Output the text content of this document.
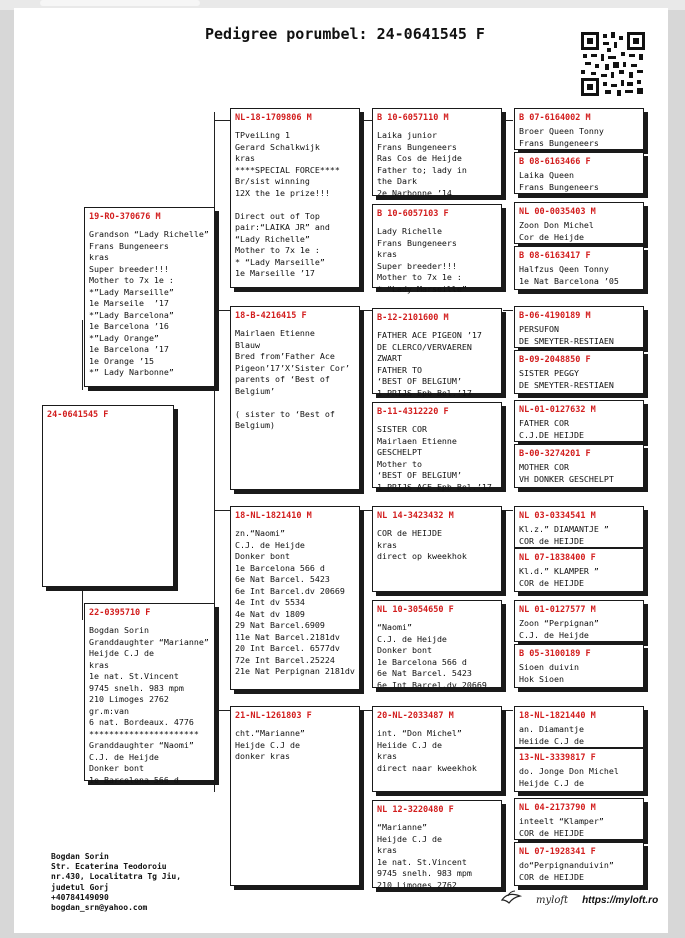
Pedigree porumbel: 24-0641545 F
24-0641545 F
19-RO-370676 M
Grandson “Lady Richelle”
Frans Bungeneers
kras
Super breeder!!!
Mother to 7x 1e :
*”Lady Marseille”
1e Marseile  ’17
*”Lady Barcelona”
1e Barcelona ’16
*”Lady Orange”
1e Barcelona ’17
1e Orange ’15
*” Lady Narbonne”
22-0395710 F
Bogdan Sorin
Granddaughter “Marianne”
Heijde C.J de
kras
1e nat. St.Vincent
9745 snelh. 983 mpm
210 Limoges 2762
gr.m:van
6 nat. Bordeaux. 4776
**********************
Granddaughter “Naomi”
C.J. de Heijde
Donker bont
1e Barcelona 566 d
NL-18-1709806 M
TPveiLing 1
Gerard Schalkwijk
kras
****SPECIAL FORCE****
Br/sist winning
12X the 1e prize!!!

Direct out of Top
pair:“LAIKA JR” and
“Lady Richelle”
Mother to 7x 1e :
* “Lady Marseille”
1e Marseille ’17
18-B-4216415 F
Mairlaen Etienne
Blauw
Bred from’Father Ace
Pigeon’17’X’Sister Cor’
parents of ‘Best of
Belgium’

( sister to ‘Best of
Belgium)
18-NL-1821410 M
zn.“Naomi”
C.J. de Heijde
Donker bont
1e Barcelona 566 d
6e Nat Barcel. 5423
6e Int Barcel.dv 20669
4e Int dv 5534
4e Nat dv 1809
29 Nat Barcel.6909
11e Nat Barcel.2181dv
20 Int Barcel. 6577dv
72e Int Barcel.25224
21e Nat Perpignan 2181dv
21-NL-1261803 F
cht.“Marianne”
Heijde C.J de
donker kras
B 10-6057110 M
Laika junior
Frans Bungeneers
Ras Cos de Heijde
Father to; lady in
the Dark
2e Narbonne ’14
B 10-6057103 F
Lady Richelle
Frans Bungeneers
kras
Super breeder!!!
Mother to 7x 1e :
* “Lady Marseille”
B-12-2101600 M
FATHER ACE PIGEON ’17
DE CLERCO/VERVAEREN
ZWART
FATHER TO
‘BEST OF BELGIUM’
1 PRIJS Epb Bel.’17
B-11-4312220 F
SISTER COR
Mairlaen Etienne
GESCHELPT
Mother to
‘BEST OF BELGIUM’
1 PRIJS ACE Epb Bel.’17
NL 14-3423432 M
COR de HEIJDE
kras
direct op kweekhok
NL 10-3054650 F
“Naomi”
C.J. de Heijde
Donker bont
1e Barcelona 566 d
6e Nat Barcel. 5423
6e Int Barcel.dv 20669
20-NL-2033487 M
int. “Don Michel”
Heiide C.J de
kras
direct naar kweekhok
NL 12-3220480 F
“Marianne”
Heijde C.J de
kras
1e nat. St.Vincent
9745 snelh. 983 mpm
210 Limoges 2762
B 07-6164002 M
Broer Queen Tonny
Frans Bungeneers
B 08-6163466 F
Laika Queen
Frans Bungeneers
NL 00-0035403 M
Zoon Don Michel
Cor de Heijde
B 08-6163417 F
Halfzus Qeen Tonny
1e Nat Barcelona ’05
B-06-4190189 M
PERSUFON
DE SMEYTER-RESTIAEN
B-09-2048850 F
SISTER PEGGY
DE SMEYTER-RESTIAEN
NL-01-0127632 M
FATHER COR
C.J.DE HEIJDE
B-00-3274201 F
MOTHER COR
VH DONKER GESCHELPT
NL 03-0334541 M
Kl.z.” DIAMANTJE ”
COR de HEIJDE
NL 07-1838400 F
Kl.d.” KLAMPER ”
COR de HEIJDE
NL 01-0127577 M
Zoon “Perpignan”
C.J. de Heijde
B 05-3100189 F
Sioen duivin
Hok Sioen
18-NL-1821440 M
an. Diamantje
Heiide C.J de
13-NL-3339817 F
do. Jonge Don Michel
Heijde C.J de
NL 04-2173790 M
inteelt “Klamper”
COR de HEIJDE
NL 07-1928341 F
do“Perpignanduivin”
COR de HEIJDE
Bogdan Sorin
Str. Ecaterina Teodoroiu
nr.430, Localitatra Tg Jiu,
judetul Gorj
+40784149090
bogdan_srn@yahoo.com
myloft https://myloft.ro
